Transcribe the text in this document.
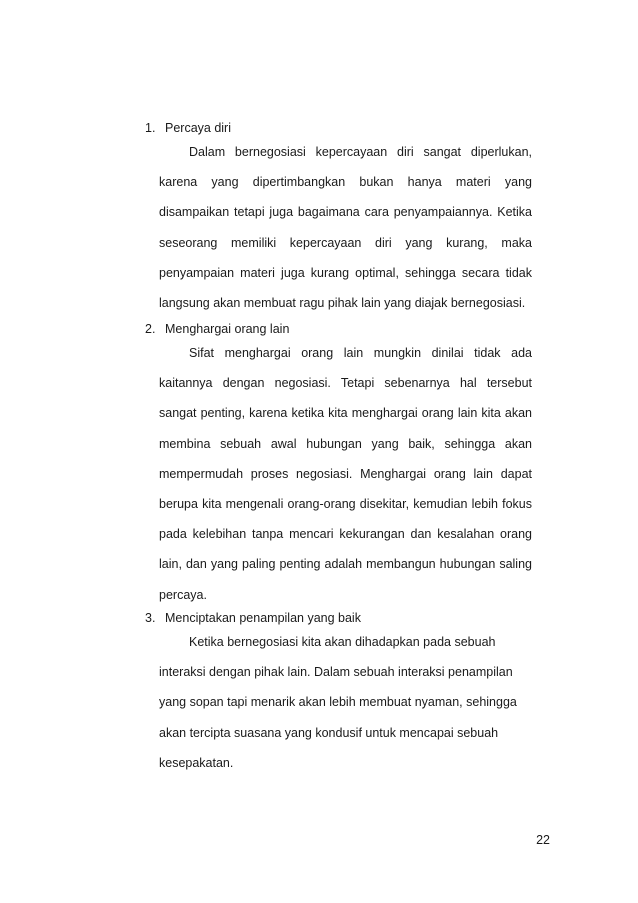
1. Percaya diri

Dalam bernegosiasi kepercayaan diri sangat diperlukan, karena yang dipertimbangkan bukan hanya materi yang disampaikan tetapi juga bagaimana cara penyampaiannya. Ketika seseorang memiliki kepercayaan diri yang kurang, maka penyampaian materi juga kurang optimal, sehingga secara tidak langsung akan membuat ragu pihak lain yang diajak bernegosiasi.

2. Menghargai orang lain

Sifat menghargai orang lain mungkin dinilai tidak ada kaitannya dengan negosiasi. Tetapi sebenarnya hal tersebut sangat penting, karena ketika kita menghargai orang lain kita akan membina sebuah awal hubungan yang baik, sehingga akan mempermudah proses negosiasi. Menghargai orang lain dapat berupa kita mengenali orang-orang disekitar, kemudian lebih fokus pada kelebihan tanpa mencari kekurangan dan kesalahan orang lain, dan yang paling penting adalah membangun hubungan saling percaya.

3. Menciptakan penampilan yang baik

Ketika bernegosiasi kita akan dihadapkan pada sebuah interaksi dengan pihak lain. Dalam sebuah interaksi penampilan yang sopan tapi menarik akan lebih membuat nyaman, sehingga akan tercipta suasana yang kondusif untuk mencapai sebuah kesepakatan.

22
